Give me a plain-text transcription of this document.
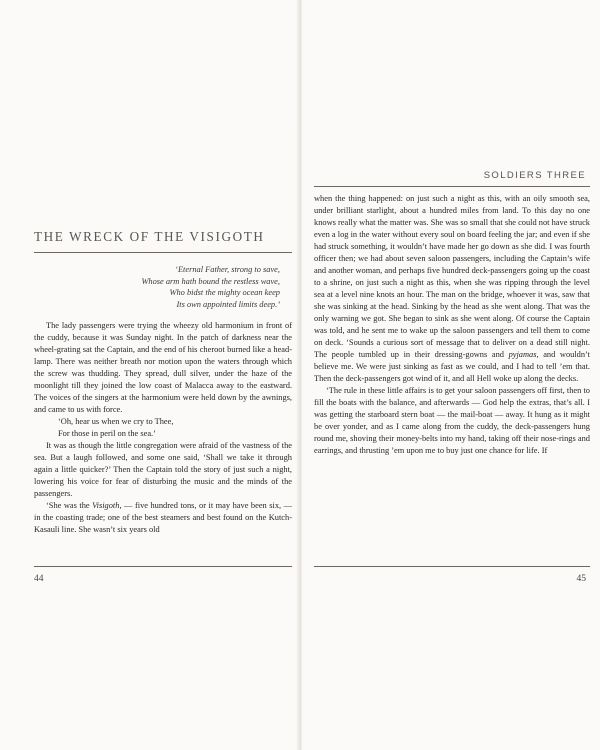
THE WRECK OF THE VISIGOTH
‘Eternal Father, strong to save,
Whose arm hath bound the restless wave,
Who bidst the mighty ocean keep
Its own appointed limits deep.’

The lady passengers were trying the wheezy old harmonium in front of the cuddy, because it was Sunday night. In the patch of darkness near the wheel-grating sat the Captain, and the end of his cheroot burned like a head-lamp. There was neither breath nor motion upon the waters through which the screw was thudding. They spread, dull silver, under the haze of the moonlight till they joined the low coast of Malacca away to the eastward. The voices of the singers at the harmonium were held down by the awnings, and came to us with force.

‘Oh, hear us when we cry to Thee,

For those in peril on the sea.’

It was as though the little congregation were afraid of the vastness of the sea. But a laugh followed, and some one said, ‘Shall we take it through again a little quicker?’ Then the Captain told the story of just such a night, lowering his voice for fear of disturbing the music and the minds of the passengers.

‘She was the Visigoth, — five hundred tons, or it may have been six, — in the coasting trade; one of the best steamers and best found on the Kutch-Kasauli line. She wasn’t six years old

44
SOLDIERS THREE

when the thing happened: on just such a night as this, with an oily smooth sea, under brilliant starlight, about a hundred miles from land. To this day no one knows really what the matter was. She was so small that she could not have struck even a log in the water without every soul on board feeling the jar; and even if she had struck something, it wouldn’t have made her go down as she did. I was fourth officer then; we had about seven saloon passengers, including the Captain’s wife and another woman, and perhaps five hundred deck-passengers going up the coast to a shrine, on just such a night as this, when she was ripping through the level sea at a level nine knots an hour. The man on the bridge, whoever it was, saw that she was sinking at the head. Sinking by the head as she went along. That was the only warning we got. She began to sink as she went along. Of course the Captain was told, and he sent me to wake up the saloon passengers and tell them to come on deck. ‘Sounds a curious sort of message that to deliver on a dead still night. The people tumbled up in their dressing-gowns and pyjamas, and wouldn’t believe me. We were just sinking as fast as we could, and I had to tell ’em that. Then the deck-passengers got wind of it, and all Hell woke up along the decks.

‘The rule in these little affairs is to get your saloon passengers off first, then to fill the boats with the balance, and afterwards — God help the extras, that’s all. I was getting the starboard stern boat — the mail-boat — away. It hung as it might be over yonder, and as I came along from the cuddy, the deck-passengers hung round me, shoving their money-belts into my hand, taking off their nose-rings and earrings, and thrusting ’em upon me to buy just one chance for life. If

45
